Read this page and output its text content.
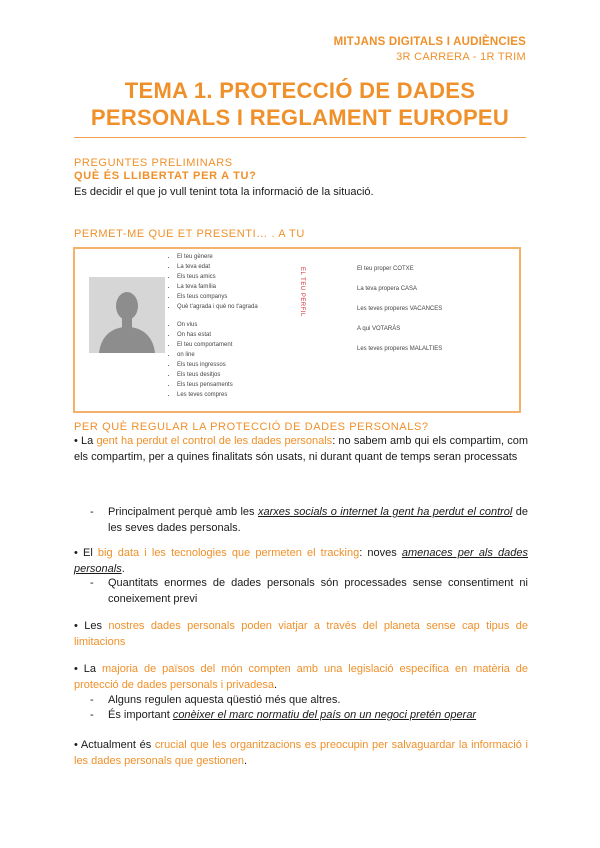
MITJANS DIGITALS I AUDIÈNCIES
3R CARRERA - 1R TRIM
TEMA 1. PROTECCIÓ DE DADES
PERSONALS I REGLAMENT EUROPEU
PREGUNTES PRELIMINARS
QUÈ ÉS LLIBERTAT PER A TU?
Es decidir el que jo vull tenint tota la informació de la situació.
PERMET-ME QUE ET PRESENTI… . A TU
• El teu gènere
• La teva edat
• Els teus amics
• La teva família
• Els teus companys
• Què t'agrada i què no t'agrada
• On vius
• On has estat
• El teu comportament
• on line
• Els teus ingressos
• Els teus desitjos
• Els teus pensaments
• Les teves compres
EL TEU PERFIL	El teu proper COTXE
La teva propera CASA
Les teves properes VACANCES
A qui VOTARÀS
Les teves properes MALALTIES
PER QUÈ REGULAR LA PROTECCIÓ DE DADES PERSONALS?
• La gent ha perdut el control de les dades personals: no sabem amb qui els compartim, com els compartim, per a quines finalitats són usats, ni durant quant de temps seran processats
-	Principalment perquè amb les xarxes socials o internet la gent ha perdut el control de les seves dades personals.
• El big data i les tecnologies que permeten el tracking: noves amenaces per als dades personals.
-	Quantitats enormes de dades personals són processades sense consentiment ni coneixement previ
• Les nostres dades personals poden viatjar a través del planeta sense cap tipus de limitacions
• La majoria de països del món compten amb una legislació específica en matèria de protecció de dades personals i privadesa.
-	Alguns regulen aquesta qüestió més que altres.
-	És important conèixer el marc normatiu del país on un negoci pretén operar
• Actualment és crucial que les organitzacions es preocupin per salvaguardar la informació i les dades personals que gestionen.
